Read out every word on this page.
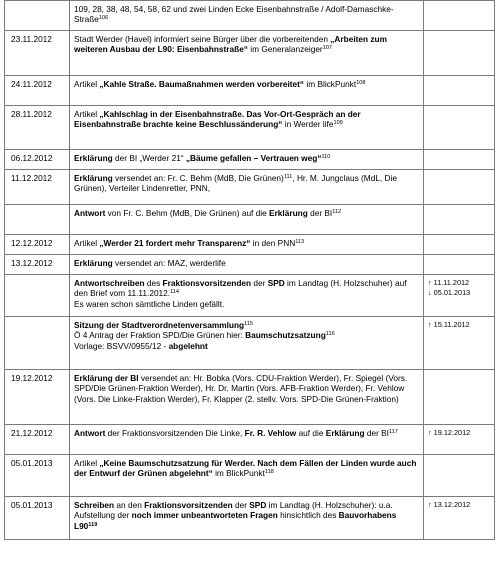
	109, 28, 38, 48, 54, 58, 62 und zwei Linden Ecke Eisenbahnstraße / Adolf-Damaschke-Straße$^{106}$	
23.11.2012	Stadt Werder (Havel) informiert seine Bürger über die vorbereitenden „Arbeiten zum weiteren Ausbau der L90: Eisenbahnstraße“ im Generalanzeiger$^{107}$	
24.11.2012	Artikel „Kahle Straße. Baumaßnahmen werden vorbereitet“ im BlickPunkt$^{108}$	
28.11.2012	Artikel „Kahlschlag in der Eisenbahnstraße. Das Vor-Ort-Gespräch an der Eisenbahnstraße brachte keine Beschlussänderung“ in Werder life$^{109}$	
06.12.2012	Erklärung der BI „Werder 21“ „Bäume gefallen – Vertrauen weg“$^{110}$	
11.12.2012	Erklärung versendet an: Fr. C. Behm (MdB, Die Grünen)$^{111}$, Hr. M. Jungclaus (MdL, Die Grünen), Verteiler Lindenretter, PNN,	
	Antwort von Fr. C. Behm (MdB, Die Grünen) auf die Erklärung der BI$^{112}$	
12.12.2012	Artikel „Werder 21 fordert mehr Transparenz“ in den PNN$^{113}$	
13.12.2012	Erklärung versendet an: MAZ, werderlife	
	Antwortschreiben des Fraktionsvorsitzenden der SPD im Landtag (H. Holzschuher) auf den Brief vom 11.11.2012.$^{114}$
Es waren schon sämtliche Linden gefällt.	↑ 11.11.2012
↓ 05.01.2013
	Sitzung der Stadtverordnetenversammlung$^{115}$
Ö 4 Antrag der Fraktion SPD/Die Grünen hier: Baumschutzsatzung$^{116}$
Vorlage: BSVV/0955/12 - abgelehnt	↑ 15.11.2012
19.12.2012	Erklärung der BI versendet an: Hr. Bobka (Vors. CDU-Fraktion Werder), Fr. Spiegel (Vors. SPD/Die Grünen-Fraktion Werder), Hr. Dr. Martin (Vors. AFB-Fraktion Werder), Fr. Vehlow (Vors. Die Linke-Fraktion Werder), Fr. Klapper (2. stellv. Vors. SPD-Die Grünen-Fraktion)	
21.12.2012	Antwort der Fraktionsvorsitzenden Die Linke, Fr. R. Vehlow auf die Erklärung der BI$^{117}$	↑ 19.12.2012
05.01.2013	Artikel „Keine Baumschutzsatzung für Werder. Nach dem Fällen der Linden wurde auch der Entwurf der Grünen abgelehnt“ im BlickPunkt$^{118}$	
05.01.2013	Schreiben an den Fraktionsvorsitzenden der SPD im Landtag (H. Holzschuher): u.a. Aufstellung der noch immer unbeantworteten Fragen hinsichtlich des Bauvorhabens $L90^{119}$	↑ 13.12.2012
